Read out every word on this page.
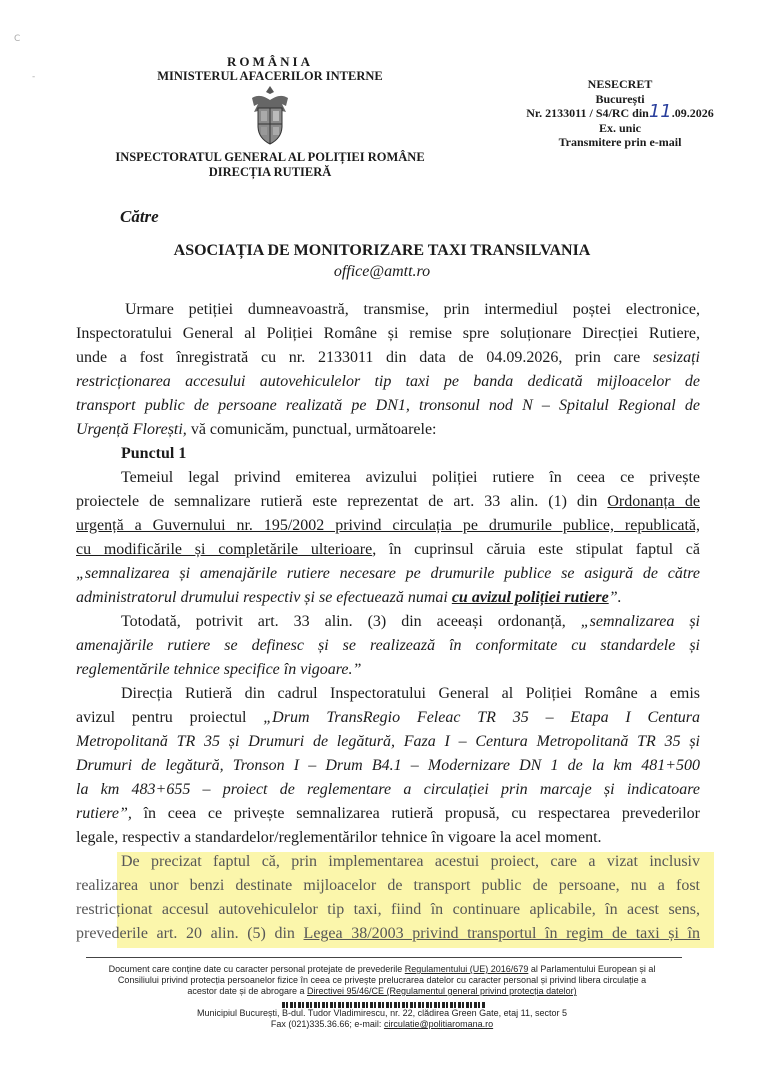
C
-
ROMÂNIA
MINISTERUL AFACERILOR INTERNE
INSPECTORATUL GENERAL AL POLIȚIEI ROMÂNE
DIRECȚIA RUTIERĂ
NESECRET
București
Nr. 2133011 / S4/RC din11.09.2026
Ex. unic
Transmitere prin e-mail
Către
ASOCIAȚIA DE MONITORIZARE TAXI TRANSILVANIA
office@amtt.ro
Urmare petiției dumneavoastră, transmise, prin intermediul poștei electronice,
Inspectoratului General al Poliției Române și remise spre soluționare Direcției Rutiere,
unde a fost înregistrată cu nr. 2133011 din data de 04.09.2026, prin care sesizați
restricționarea accesului autovehiculelor tip taxi pe banda dedicată mijloacelor de
transport public de persoane realizată pe DN1, tronsonul nod N – Spitalul Regional de
Urgență Florești, vă comunicăm, punctual, următoarele:
Punctul 1
Temeiul legal privind emiterea avizului poliției rutiere în ceea ce privește
proiectele de semnalizare rutieră este reprezentat de art. 33 alin. (1) din Ordonanța de
urgență a Guvernului nr. 195/2002 privind circulația pe drumurile publice, republicată,
cu modificările și completările ulterioare, în cuprinsul căruia este stipulat faptul că
„semnalizarea și amenajările rutiere necesare pe drumurile publice se asigură de către
administratorul drumului respectiv și se efectuează numai cu avizul poliției rutiere”.
Totodată, potrivit art. 33 alin. (3) din aceeași ordonanță, „semnalizarea și
amenajările rutiere se definesc și se realizează în conformitate cu standardele și
reglementările tehnice specifice în vigoare.”
Direcția Rutieră din cadrul Inspectoratului General al Poliției Române a emis
avizul pentru proiectul „Drum TransRegio Feleac TR 35 – Etapa I Centura
Metropolitană TR 35 și Drumuri de legătură, Faza I – Centura Metropolitană TR 35 și
Drumuri de legătură, Tronson I – Drum B4.1 – Modernizare DN 1 de la km 481+500
la km 483+655 – proiect de reglementare a circulației prin marcaje și indicatoare
rutiere”, în ceea ce privește semnalizarea rutieră propusă, cu respectarea prevederilor
legale, respectiv a standardelor/reglementărilor tehnice în vigoare la acel moment.
De precizat faptul că, prin implementarea acestui proiect, care a vizat inclusiv
realizarea unor benzi destinate mijloacelor de transport public de persoane, nu a fost
restricționat accesul autovehiculelor tip taxi, fiind în continuare aplicabile, în acest sens,
prevederile art. 20 alin. (5) din Legea 38/2003 privind transportul în regim de taxi și în
Document care conține date cu caracter personal protejate de prevederile Regulamentului (UE) 2016/679 al Parlamentului European și al
Consiliului privind protecția persoanelor fizice în ceea ce privește prelucrarea datelor cu caracter personal și privind libera circulație a
acestor date și de abrogare a Directivei 95/46/CE (Regulamentul general privind protecția datelor)
Municipiul București, B-dul. Tudor Vladimirescu, nr. 22, clădirea Green Gate, etaj 11, sector 5
Fax (021)335.36.66; e-mail: circulatie@politiaromana.ro
